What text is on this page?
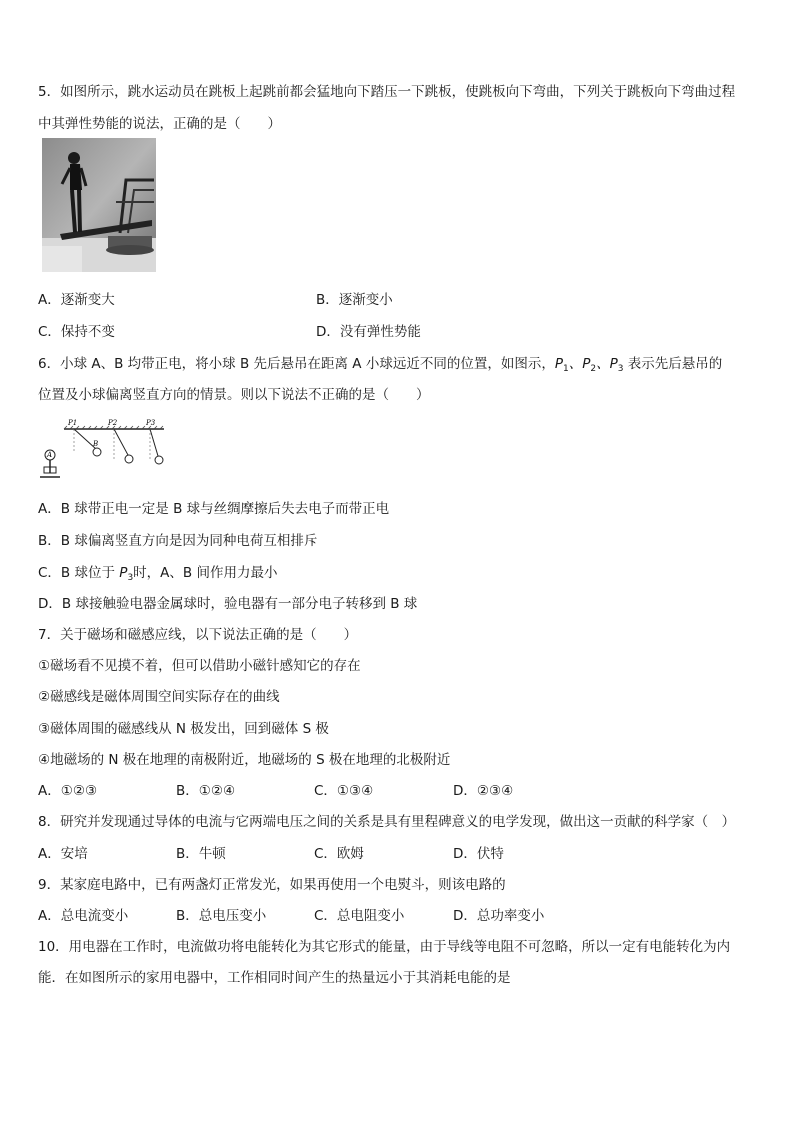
5．如图所示，跳水运动员在跳板上起跳前都会猛地向下踏压一下跳板，使跳板向下弯曲，下列关于跳板向下弯曲过程
中其弹性势能的说法，正确的是（　　）
A．逐渐变大	B．逐渐变小
C．保持不变	D．没有弹性势能
6．小球 A、B 均带正电，将小球 B 先后悬吊在距离 A 小球远近不同的位置，如图示，$P_1$、$P_2$、$P_3$ 表示先后悬吊的
位置及小球偏离竖直方向的情景。则以下说法不正确的是（　　）
P1	P2	P3
B
A
A．B 球带正电一定是 B 球与丝绸摩擦后失去电子而带正电
B．B 球偏离竖直方向是因为同种电荷互相排斥
C．B 球位于 $P_3$时，A、B 间作用力最小
D．B 球接触验电器金属球时，验电器有一部分电子转移到 B 球
7．关于磁场和磁感应线，以下说法正确的是（　　）
①磁场看不见摸不着，但可以借助小磁针感知它的存在
②磁感线是磁体周围空间实际存在的曲线
③磁体周围的磁感线从 N 极发出，回到磁体 S 极
④地磁场的 N 极在地理的南极附近，地磁场的 S 极在地理的北极附近
A．①②③	B．①②④	C．①③④	D．②③④
8．研究并发现通过导体的电流与它两端电压之间的关系是具有里程碑意义的电学发现，做出这一贡献的科学家（　）
A．安培	B．牛顿	C．欧姆	D．伏特
9．某家庭电路中，已有两盏灯正常发光，如果再使用一个电熨斗，则该电路的
A．总电流变小	B．总电压变小	C．总电阻变小	D．总功率变小
10．用电器在工作时，电流做功将电能转化为其它形式的能量，由于导线等电阻不可忽略，所以一定有电能转化为内
能．在如图所示的家用电器中，工作相同时间产生的热量远小于其消耗电能的是
